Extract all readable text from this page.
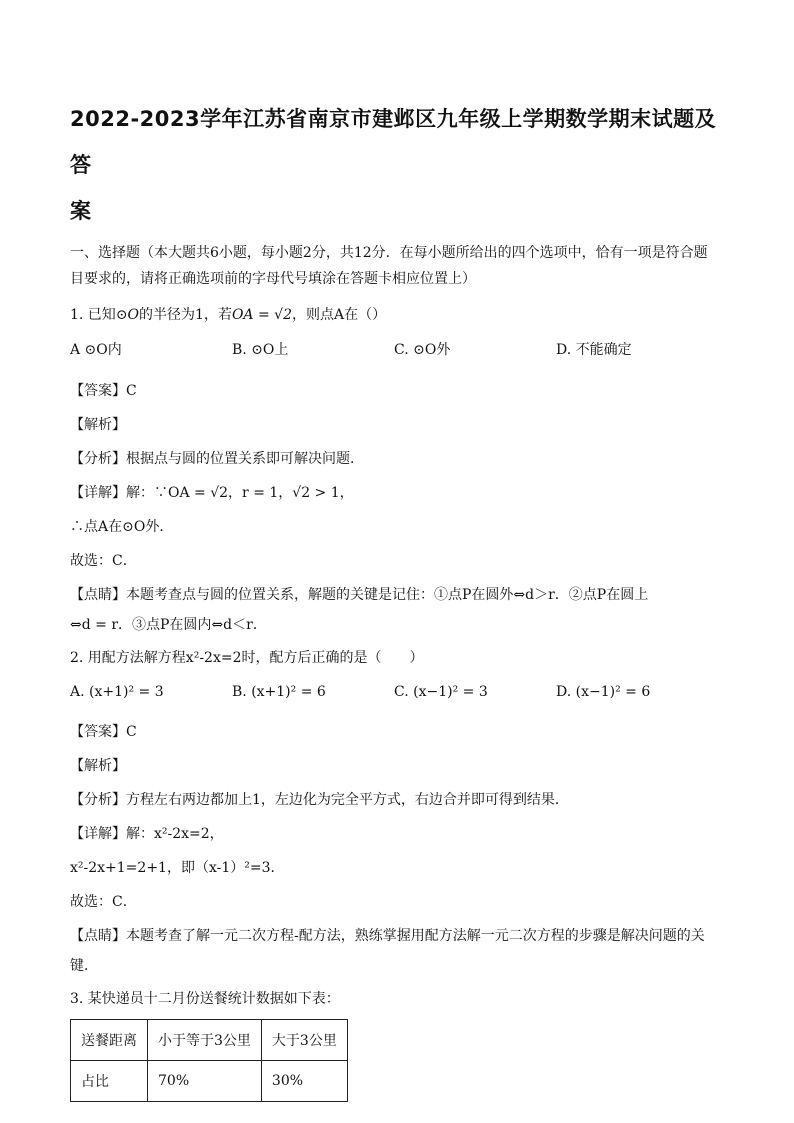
2022-2023学年江苏省南京市建邺区九年级上学期数学期末试题及答
案

一、选择题（本大题共6小题，每小题2分，共12分．在每小题所给出的四个选项中，恰有一项是符合题

目要求的，请将正确选项前的字母代号填涂在答题卡相应位置上）

1. 已知⊙O的半径为1，若OA = √2，则点A在（）
A ⊙O内	B. ⊙O上	C. ⊙O外	D. 不能确定
【答案】C
【解析】
【分析】根据点与圆的位置关系即可解决问题．
【详解】解：∵OA = √2，r = 1，√2 > 1，
∴点A在⊙O外．
故选：C．
【点睛】本题考查点与圆的位置关系，解题的关键是记住：①点P在圆外⇔d＞r．②点P在圆上
⇔d = r．③点P在圆内⇔d＜r．
2. 用配方法解方程x²-2x=2时，配方后正确的是（　　）
A. (x+1)² = 3	B. (x+1)² = 6	C. (x−1)² = 3	D. (x−1)² = 6
【答案】C
【解析】
【分析】方程左右两边都加上1，左边化为完全平方式，右边合并即可得到结果．
【详解】解：x²-2x=2，
x²-2x+1=2+1，即（x-1）²=3．
故选：C．
【点睛】本题考查了解一元二次方程-配方法，熟练掌握用配方法解一元二次方程的步骤是解决问题的关
键．
3. 某快递员十二月份送餐统计数据如下表：
送餐距离	小于等于3公里	大于3公里
占比	70%	30%
